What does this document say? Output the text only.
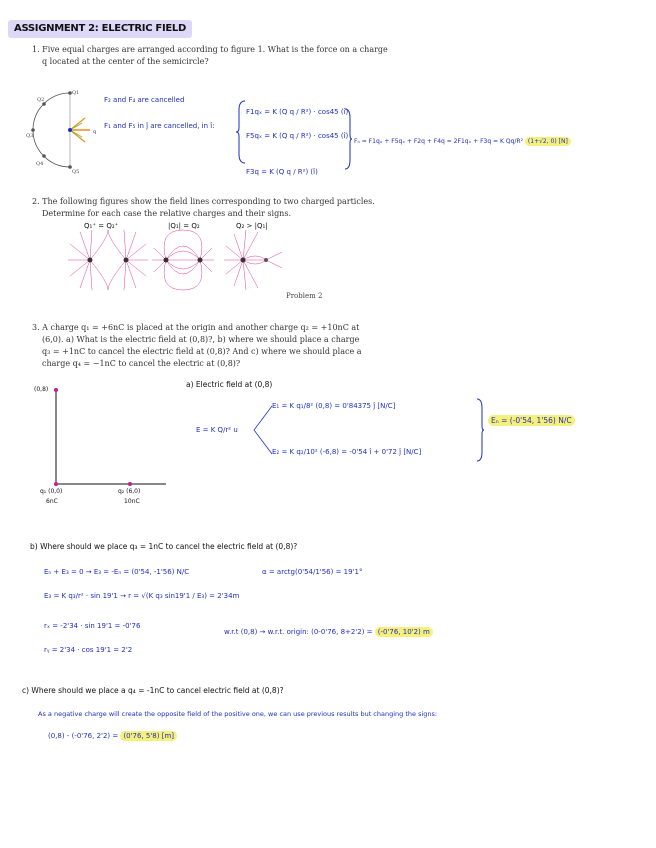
ASSIGNMENT 2: ELECTRIC FIELD
1. Five equal charges are arranged according to figure 1. What is the force on a charge
q located at the center of the semicircle?
Q1
Q2
Q3
Q4
Q5
q
F₂ and F₄ are cancelled
F₁ and F₅ in ĵ are cancelled, in î:
F1qₓ = K (Q q / R²) · cos45 (î)
F5qₓ = K (Q q / R²) · cos45 (î)
F3q = K (Q q / R²) (î)
Fₙ = F1qₓ + F5qₓ + F2q + F4q = 2F1qₓ + F3q = K Qq/R² (1+√2, 0) [N]
2. The following figures show the field lines corresponding to two charged particles.
Determine for each case the relative charges and their signs.
Q₁⁺ = Q₂⁺	|Q₁| = Q₂	Q₂ > |Q₁|
Problem 2
3. A charge q₁ = +6nC is placed at the origin and another charge q₂ = +10nC at
(6,0). a) What is the electric field at (0,8)?, b) where we should place a charge
q₃ = +1nC to cancel the electric field at (0,8)? And c) where we should place a
charge q₄ = −1nC to cancel the electric at (0,8)?
(0,8)
q₁ (0,0)
6nC
q₂ (6,0)
10nC
a) Electric field at (0,8)
E = K Q/r² u
E₁ = K q₁/8² (0,8) = 0'84375 ĵ [N/C]
E₂ = K q₂/10² (-6,8) = -0'54 î + 0'72 ĵ [N/C]
Eₙ = (-0'54, 1'56) N/C
b) Where should we place q₃ = 1nC to cancel the electric field at (0,8)?
Eₙ + E₃ = 0 → E₃ = -Eₙ = (0'54, -1'56) N/C	α = arctg(0'54/1'56) = 19'1°
E₃ = K q₃/r² · sin 19'1 → r = √(K q₃ sin19'1 / E₃) = 2'34m
rₓ = -2'34 · sin 19'1 = -0'76
rᵧ = 2'34 · cos 19'1 = 2'2
w.r.t (0,8) → w.r.t. origin: (0-0'76, 8+2'2) = (-0'76, 10'2) m
c) Where should we place a q₄ = -1nC to cancel electric field at (0,8)?
As a negative charge will create the opposite field of the positive one, we can use previous results but changing the signs:
(0,8) - (-0'76, 2'2) = (0'76, 5'8) [m]
